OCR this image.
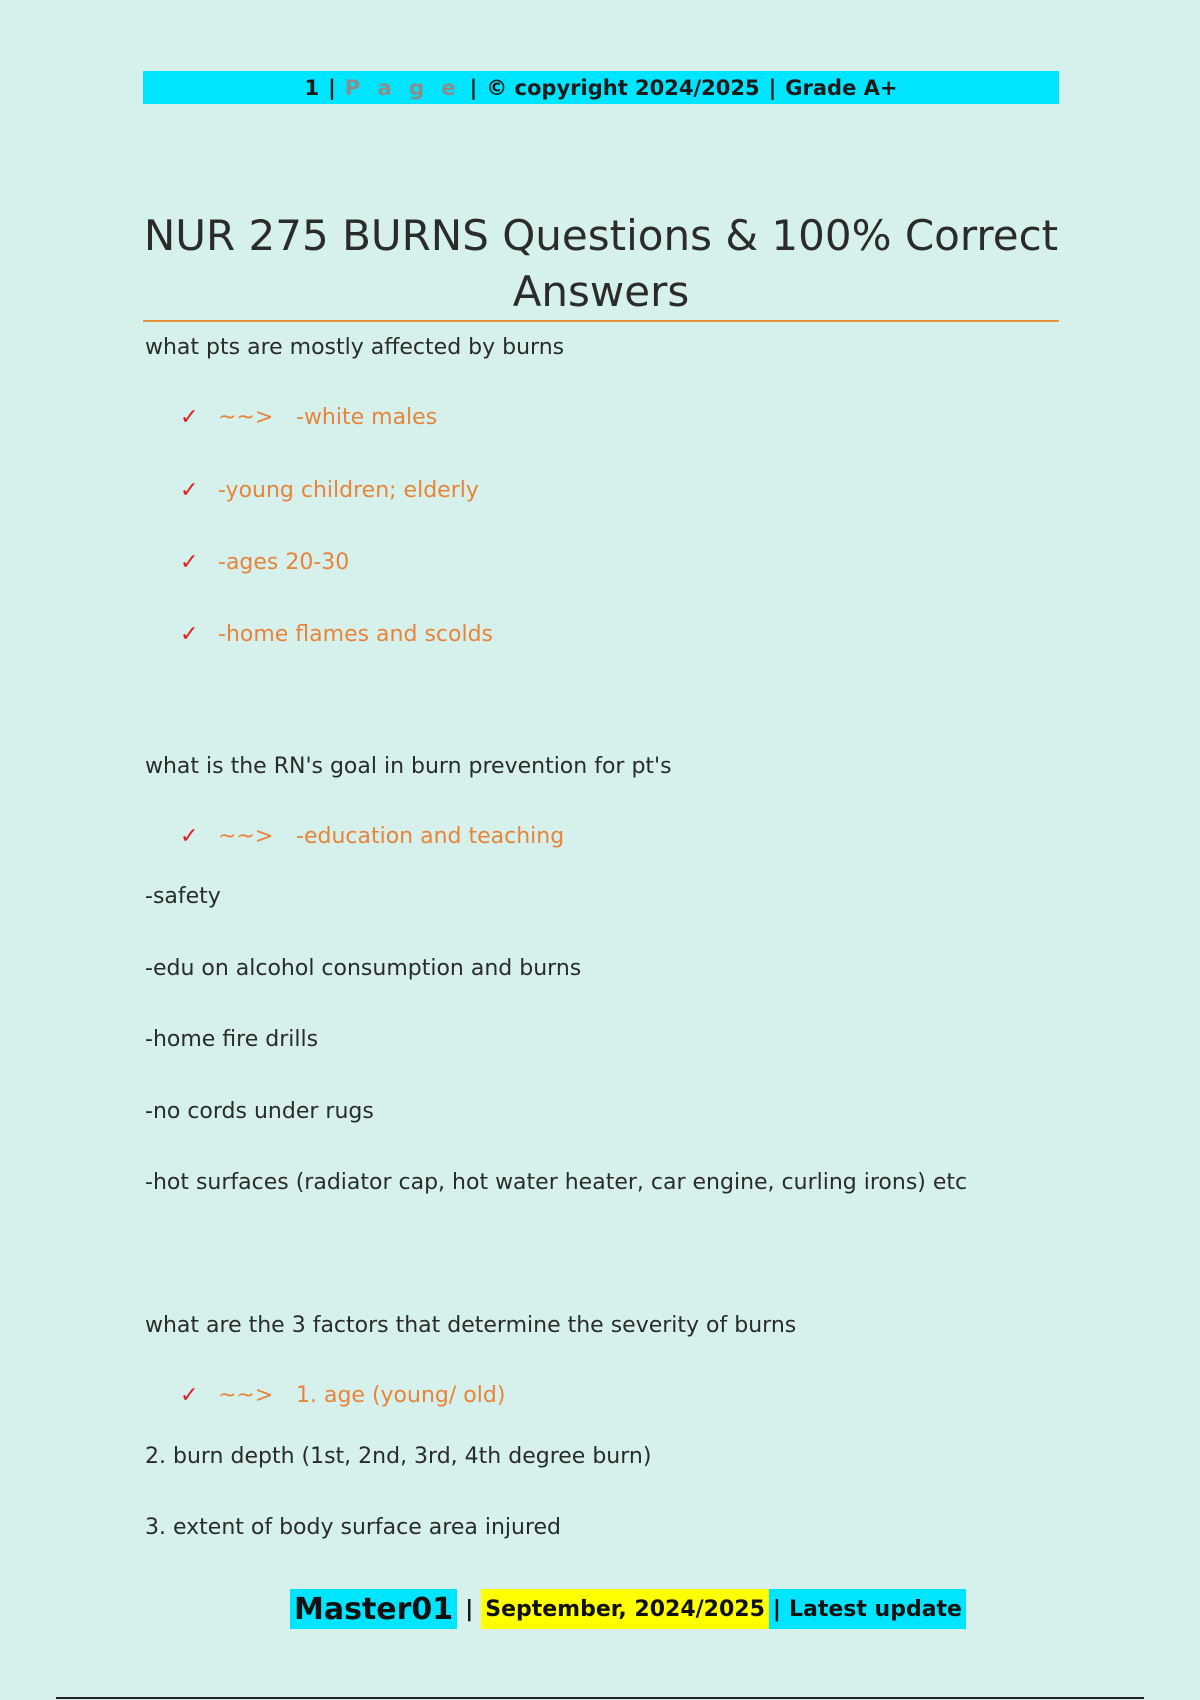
1 | P a g e | © copyright 2024/2025 | Grade A+
NUR 275 BURNS Questions & 100% Correct Answers
what pts are mostly affected by burns
✓ ~~>	-white males
✓ -young children; elderly
✓ -ages 20-30
✓ -home flames and scolds
what is the RN's goal in burn prevention for pt's
✓ ~~>	-education and teaching
-safety
-edu on alcohol consumption and burns
-home fire drills
-no cords under rugs
-hot surfaces (radiator cap, hot water heater, car engine, curling irons) etc
what are the 3 factors that determine the severity of burns
✓ ~~>	1. age (young/ old)
2. burn depth (1st, 2nd, 3rd, 4th degree burn)
3. extent of body surface area injured
Master01 | September, 2024/2025 | Latest update
